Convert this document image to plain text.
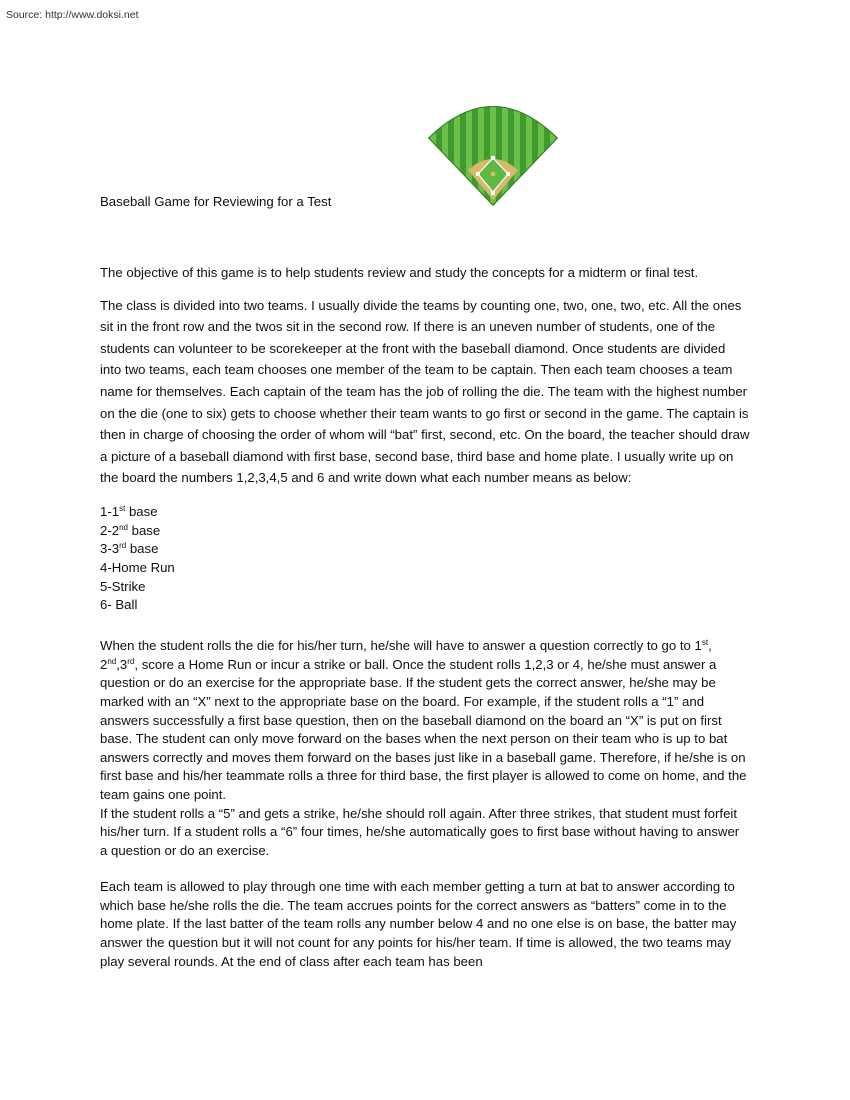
Source: http://www.doksi.net
Baseball Game for Reviewing for a Test

The objective of this game is to help students review and study the concepts for a midterm or final test.

The class is divided into two teams. I usually divide the teams by counting one, two, one, two, etc. All the ones sit in the front row and the twos sit in the second row. If there is an uneven number of students, one of the students can volunteer to be scorekeeper at the front with the baseball diamond. Once students are divided into two teams, each team chooses one member of the team to be captain. Then each team chooses a team name for themselves. Each captain of the team has the job of rolling the die. The team with the highest number on the die (one to six) gets to choose whether their team wants to go first or second in the game. The captain is then in charge of choosing the order of whom will “bat” first, second, etc. On the board, the teacher should draw a picture of a baseball diamond with first base, second base, third base and home plate. I usually write up on the board the numbers 1,2,3,4,5 and 6 and write down what each number means as below:

1-1st base
2-2nd base
3-3rd base
4-Home Run
5-Strike
6- Ball

When the student rolls the die for his/her turn, he/she will have to answer a question correctly to go to 1st, 2nd,3rd, score a Home Run or incur a strike or ball. Once the student rolls 1,2,3 or 4, he/she must answer a question or do an exercise for the appropriate base. If the student gets the correct answer, he/she may be marked with an “X” next to the appropriate base on the board. For example, if the student rolls a “1” and answers successfully a first base question, then on the baseball diamond on the board an “X” is put on first base. The student can only move forward on the bases when the next person on their team who is up to bat answers correctly and moves them forward on the bases just like in a baseball game. Therefore, if he/she is on first base and his/her teammate rolls a three for third base, the first player is allowed to come on home, and the team gains one point.

If the student rolls a “5” and gets a strike, he/she should roll again. After three strikes, that student must forfeit his/her turn. If a student rolls a “6” four times, he/she automatically goes to first base without having to answer a question or do an exercise.

Each team is allowed to play through one time with each member getting a turn at bat to answer according to which base he/she rolls the die. The team accrues points for the correct answers as “batters” come in to the home plate. If the last batter of the team rolls any number below 4 and no one else is on base, the batter may answer the question but it will not count for any points for his/her team. If time is allowed, the two teams may play several rounds. At the end of class after each team has been
